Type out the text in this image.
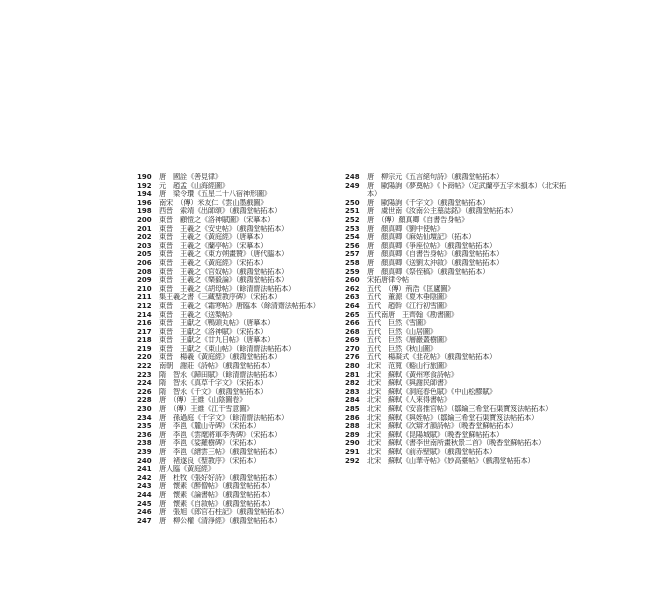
190	唐　國詮《善見律》
192	元　趙孟《山海經圖》
194	唐　梁令瓚《五星二十八宿神形圖》
196	南宋　（傳）米友仁《雲山墨戲圖》
198	西晉　索靖《出師頌》（戲鴻堂帖拓本）
200	東晉　顧愷之《洛神賦圖》（宋摹本）
201	東晉　王羲之《安史帖》（戲鴻堂帖拓本）
202	東晉　王羲之《黃庭經》（唐摹本）
203	東晉　王羲之《蘭亭帖》（宋摹本）
205	東晉　王羲之《東方朔畫贊》（唐代臨本）
206	東晉　王羲之《黃庭經》（宋拓本）
208	東晉　王羲之《官奴帖》（戲鴻堂帖拓本）
209	東晉　王羲之《樂毅論》（戲鴻堂帖拓本）
210	東晉　王羲之《胡母帖》（餘清齋法帖拓本）
211	集王羲之書《三藏聖教序碑》（宋拓本）
212	東晉　王羲之《霜寒帖》唐臨本（餘清齋法帖拓本）
214	東晉　王羲之《送梨帖》
216	東晉　王獻之《鴨頭丸帖》（唐摹本）
217	東晉　王獻之《洛神賦》（宋拓本）
218	東晉　王獻之《廿九日帖》（唐摹本）
219	東晉　王獻之《東山帖》（餘清齋法帖拓本）
220	東晉　楊羲《黃庭經》（戲鴻堂帖拓本）
222	南朝　謝莊《詩帖》（戲鴻堂帖拓本）
223	隋　智永《歸田賦》（餘清齋法帖拓本）
224	隋　智永《真草千字文》（宋拓本）
226	隋　智永《千文》（戲鴻堂帖拓本）
228	唐　（傳）王維《山陰圖卷》
230	唐　（傳）王維《江干雪意圖》
234	唐　孫過庭《千字文》（餘清齋法帖拓本）
235	唐　李邕《麓山寺碑》（宋拓本）
236	唐　李邕《雲麾將軍李秀碑》（宋拓本）
238	唐　李邕《娑羅樹碑》（宋拓本）
239	唐　李邕《縉雲三帖》（戲鴻堂帖拓本）
240	唐　褚遂良《聖教序》（宋拓本）
241	唐人臨《黃庭經》
242	唐　杜牧《張好好詩》（戲鴻堂帖拓本）
243	唐　懷素《醉僧帖》（戲鴻堂帖拓本）
244	唐　懷素《論書帖》（戲鴻堂帖拓本）
245	唐　懷素《自敘帖》（戲鴻堂帖拓本）
246	唐　張旭《郎官石柱記》（戲鴻堂帖拓本）
247	唐　柳公權《清淨經》（戲鴻堂帖拓本）
248	唐　柳宗元《五言絕句詩》（戲鴻堂帖拓本）
249	唐　歐陽詢《夢奠帖》《卜商帖》（定武蘭亭五字未損本）（北宋拓本）
250	唐　歐陽詢《千字文》（戲鴻堂帖拓本）
251	唐　虞世南《汝南公主墓誌銘》（戲鴻堂帖拓本）
252	唐　（傳）顏真卿《自書告身帖》
253	唐　顏真卿《劉中使帖》
254	唐　顏真卿《麻姑仙壇記》（拓本）
256	唐　顏真卿《爭座位帖》（戲鴻堂帖拓本）
257	唐　顏真卿《自書告身帖》（戲鴻堂帖拓本）
258	唐　顏真卿《送劉太沖敘》（戲鴻堂帖拓本）
259	唐　顏真卿《祭侄稿》（戲鴻堂帖拓本）
260	宋拓唐律令帖
262	五代　（傳）荊浩《匡廬圖》
263	五代　董源《夏木垂陰圖》
264	五代　趙幹《江行初雪圖》
265	五代南唐　王齊翰《勘書圖》
266	五代　巨然《雪圖》
268	五代　巨然《山居圖》
269	五代　巨然《層巖叢樹圖》
270	五代　巨然《秋山圖》
276	五代　楊凝式《韭花帖》（戲鴻堂帖拓本）
280	北宋　范寬《谿山行旅圖》
281	北宋　蘇軾《黃州寒食詩帖》
282	北宋　蘇軾《與謝民師書》
283	北宋　蘇軾《洞庭春色賦》《中山松醪賦》
284	北宋　蘇軾《人來得書帖》
285	北宋　蘇軾《安喜推官帖》（鄒綸三希堂石渠寶笈法帖拓本）
286	北宋　蘇軾《與姪帖》（鄒綸三希堂石渠寶笈法帖拓本）
288	北宋　蘇軾《次辯才韻詩帖》（晚香堂蘇帖拓本）
289	北宋　蘇軾《昆陽城賦》（晚香堂蘇帖拓本）
290	北宋　蘇軾《書李世南所畫秋景二首》（晚香堂蘇帖拓本）
291	北宋　蘇軾《前赤壁賦》（戲鴻堂帖拓本）
292	北宋　蘇軾《山華寺帖》《妙高臺帖》（戲鴻堂帖拓本）
